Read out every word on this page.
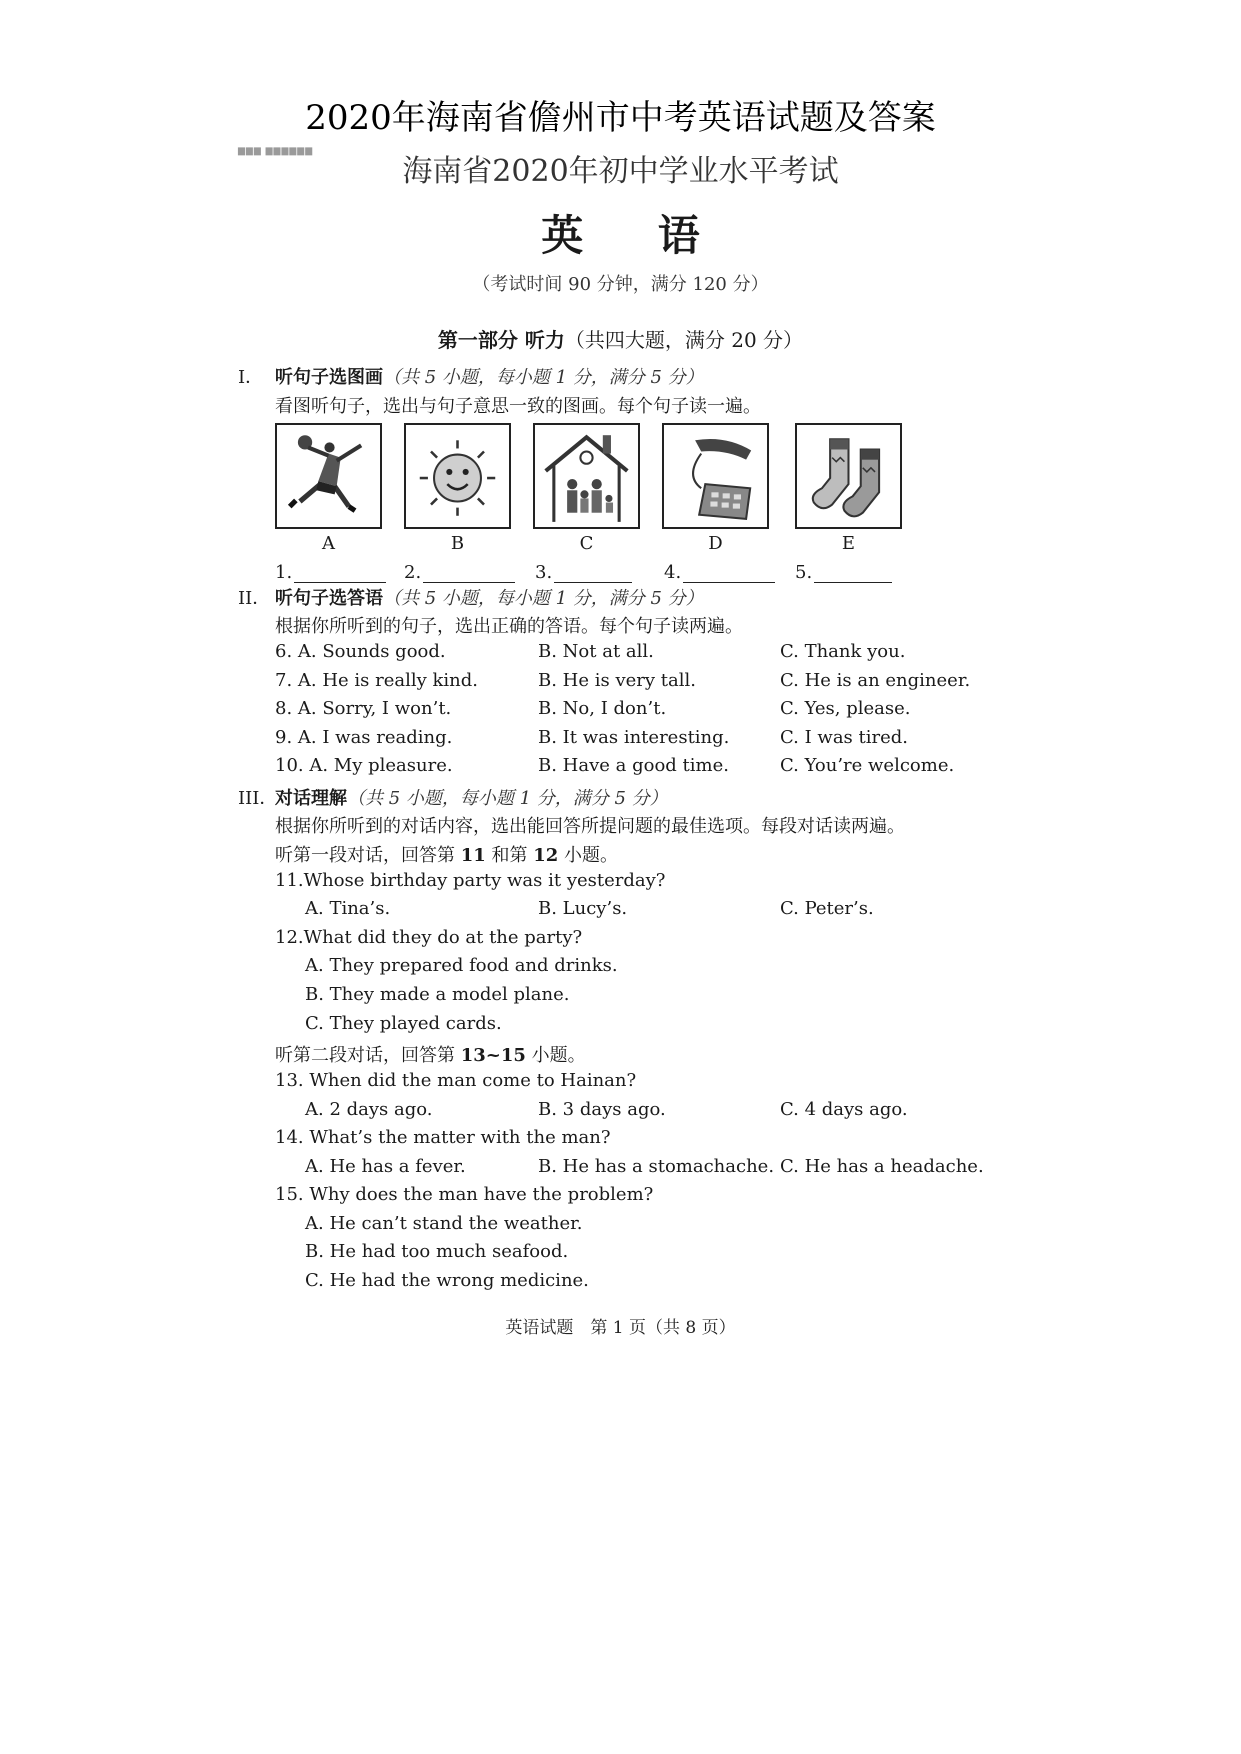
2020年海南省儋州市中考英语试题及答案
▆▆▆ ▆▆▆▆▆▆
海南省2020年初中学业水平考试
英 语
（考试时间 90 分钟，满分 120 分）
第一部分 听力（共四大题，满分 20 分）
I． 听句子选图画（共 5 小题，每小题 1 分，满分 5 分）
看图听句子，选出与句子意思一致的图画。每个句子读一遍。
A	B	C	D	E
1.	2.	3.	4.	5.
II． 听句子选答语（共 5 小题，每小题 1 分，满分 5 分）
根据你所听到的句子，选出正确的答语。每个句子读两遍。
6. A. Sounds good.	B. Not at all.	C. Thank you.
7. A. He is really kind.	B. He is very tall.	C. He is an engineer.
8. A. Sorry, I won’t.	B. No, I don’t.	C. Yes, please.
9. A. I was reading.	B. It was interesting.	C. I was tired.
10. A. My pleasure.	B. Have a good time.	C. You’re welcome.
III．对话理解（共 5 小题，每小题 1 分，满分 5 分）
根据你所听到的对话内容，选出能回答所提问题的最佳选项。每段对话读两遍。
听第一段对话，回答第 11 和第 12 小题。
11.Whose birthday party was it yesterday?
A. Tina’s.	B. Lucy’s.	C. Peter’s.
12.What did they do at the party?
A. They prepared food and drinks.
B. They made a model plane.
C. They played cards.
听第二段对话，回答第 13~15 小题。
13. When did the man come to Hainan?
A. 2 days ago.	B. 3 days ago.	C. 4 days ago.
14. What’s the matter with the man?
A. He has a fever.	B. He has a stomachache. C. He has a headache.
15. Why does the man have the problem?
A. He can’t stand the weather.
B. He had too much seafood.
C. He had the wrong medicine.
英语试题　第 1 页（共 8 页）
